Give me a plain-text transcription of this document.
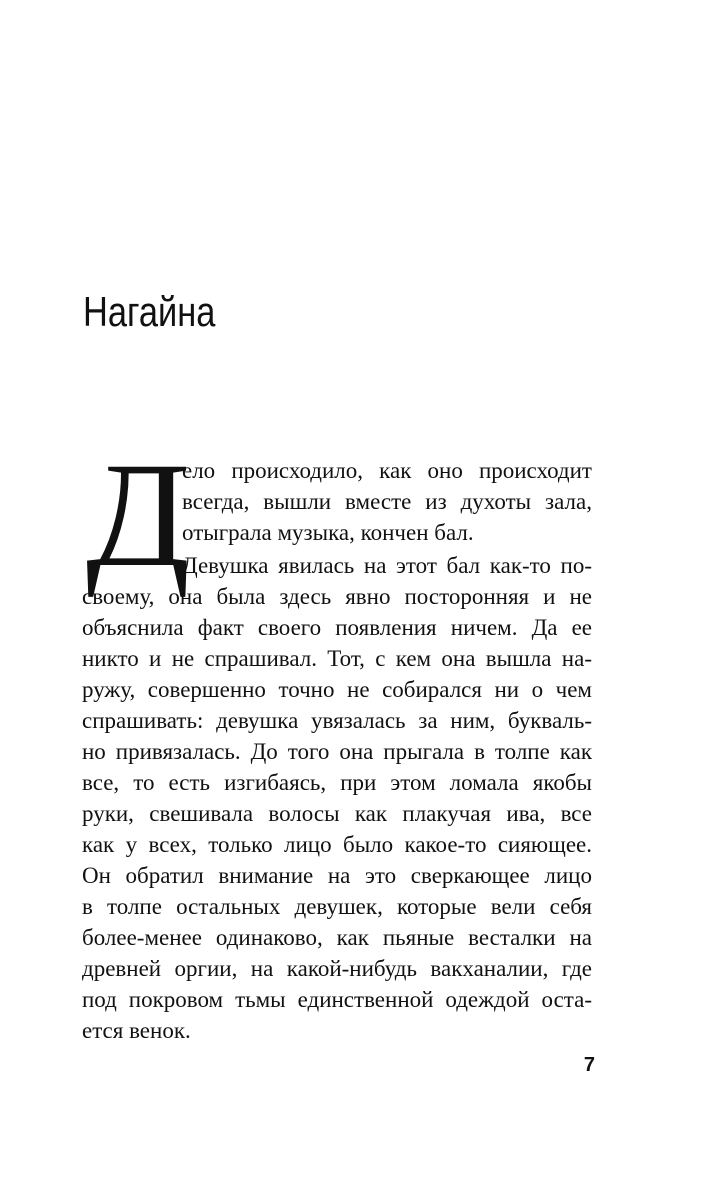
Нагайна
Д
ело происходило, как оно происходит
всегда, вышли вместе из духоты зала,
отыграла музыка, кончен бал.
Девушка явилась на этот бал как-то по-
своему, она была здесь явно посторонняя и не
объяснила факт своего появления ничем. Да ее
никто и не спрашивал. Тот, с кем она вышла на-
ружу, совершенно точно не собирался ни о чем
спрашивать: девушка увязалась за ним, букваль-
но привязалась. До того она прыгала в толпе как
все, то есть изгибаясь, при этом ломала якобы
руки, свешивала волосы как плакучая ива, все
как у всех, только лицо было какое-то сияющее.
Он обратил внимание на это сверкающее лицо
в толпе остальных девушек, которые вели себя
более-менее одинаково, как пьяные весталки на
древней оргии, на какой-нибудь вакханалии, где
под покровом тьмы единственной одеждой оста-
ется венок.
7
